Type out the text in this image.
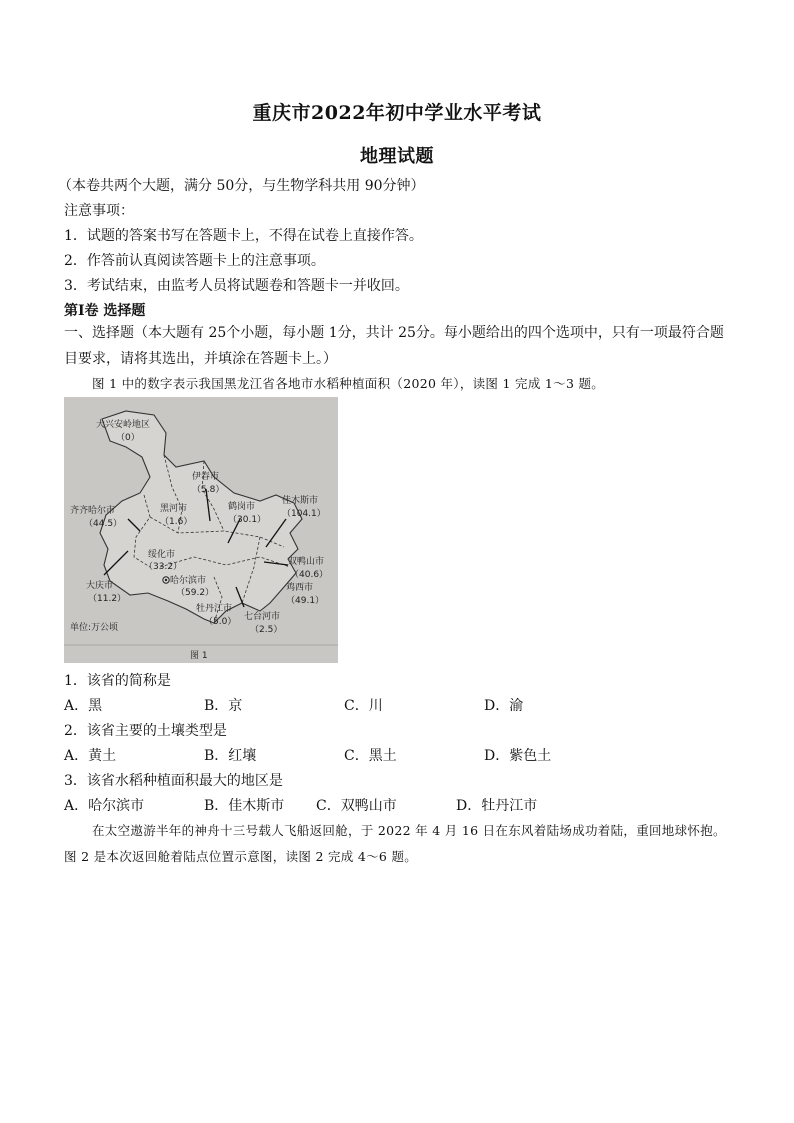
重庆市2022年初中学业水平考试
地理试题
（本卷共两个大题，满分 50分，与生物学科共用 90分钟）
注意事项：
1．试题的答案书写在答题卡上，不得在试卷上直接作答。
2．作答前认真阅读答题卡上的注意事项。
3．考试结束，由监考人员将试题卷和答题卡一并收回。
第Ⅰ卷 选择题
一、选择题（本大题有 25个小题，每小题 1分，共计 25分。每小题给出的四个选项中，只有一项最符合题目要求，请将其选出，并填涂在答题卡上。）
图 1 中的数字表示我国黑龙江省各地市水稻种植面积（2020 年），读图 1 完成 1～3 题。
大兴安岭地区
（0）
伊春市
（5.8）
黑河市
（1.6）
鹤岗市
（30.1）
佳木斯市
（104.1）
齐齐哈尔市
（44.5）
绥化市
（33.2）	双鸭山市
（40.6）
哈尔滨市
（59.2）	鸡西市
（49.1）
大庆市
（11.2）
牡丹江市
（5.0） 七台河市
（2.5）
单位:万公顷
图 1
1．该省的简称是
A．黑	B．京	C．川	D．渝
2．该省主要的土壤类型是
A．黄土	B．红壤	C．黑土	D．紫色土
3．该省水稻种植面积最大的地区是
A．哈尔滨市	B．佳木斯市 C．双鸭山市	D．牡丹江市
在太空遨游半年的神舟十三号载人飞船返回舱，于 2022 年 4 月 16 日在东风着陆场成功着陆，重回地球怀抱。图 2 是本次返回舱着陆点位置示意图，读图 2 完成 4～6 题。
